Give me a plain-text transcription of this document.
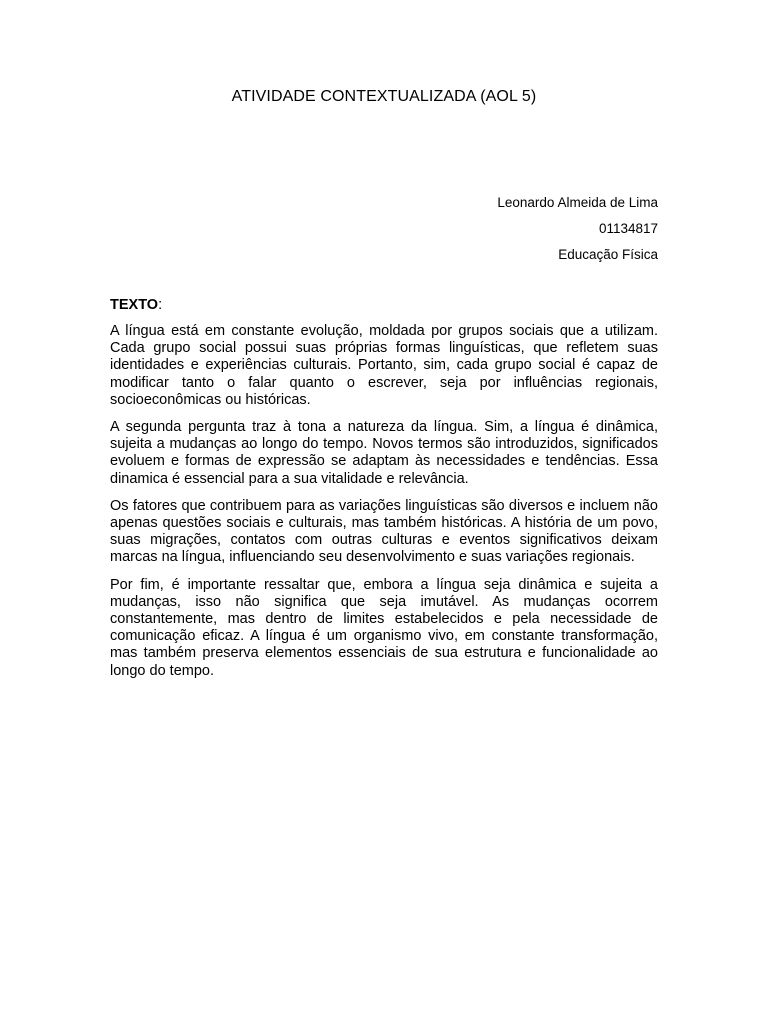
ATIVIDADE CONTEXTUALIZADA (AOL 5)
Leonardo Almeida de Lima
01134817
Educação Física
TEXTO:

A língua está em constante evolução, moldada por grupos sociais que a utilizam. Cada grupo social possui suas próprias formas linguísticas, que refletem suas identidades e experiências culturais. Portanto, sim, cada grupo social é capaz de modificar tanto o falar quanto o escrever, seja por influências regionais, socioeconômicas ou históricas.

A segunda pergunta traz à tona a natureza da língua. Sim, a língua é dinâmica, sujeita a mudanças ao longo do tempo. Novos termos são introduzidos, significados evoluem e formas de expressão se adaptam às necessidades e tendências. Essa dinamica é essencial para a sua vitalidade e relevância.

Os fatores que contribuem para as variações linguísticas são diversos e incluem não apenas questões sociais e culturais, mas também históricas. A história de um povo, suas migrações, contatos com outras culturas e eventos significativos deixam marcas na língua, influenciando seu desenvolvimento e suas variações regionais.

Por fim, é importante ressaltar que, embora a língua seja dinâmica e sujeita a mudanças, isso não significa que seja imutável. As mudanças ocorrem constantemente, mas dentro de limites estabelecidos e pela necessidade de comunicação eficaz. A língua é um organismo vivo, em constante transformação, mas também preserva elementos essenciais de sua estrutura e funcionalidade ao longo do tempo.
